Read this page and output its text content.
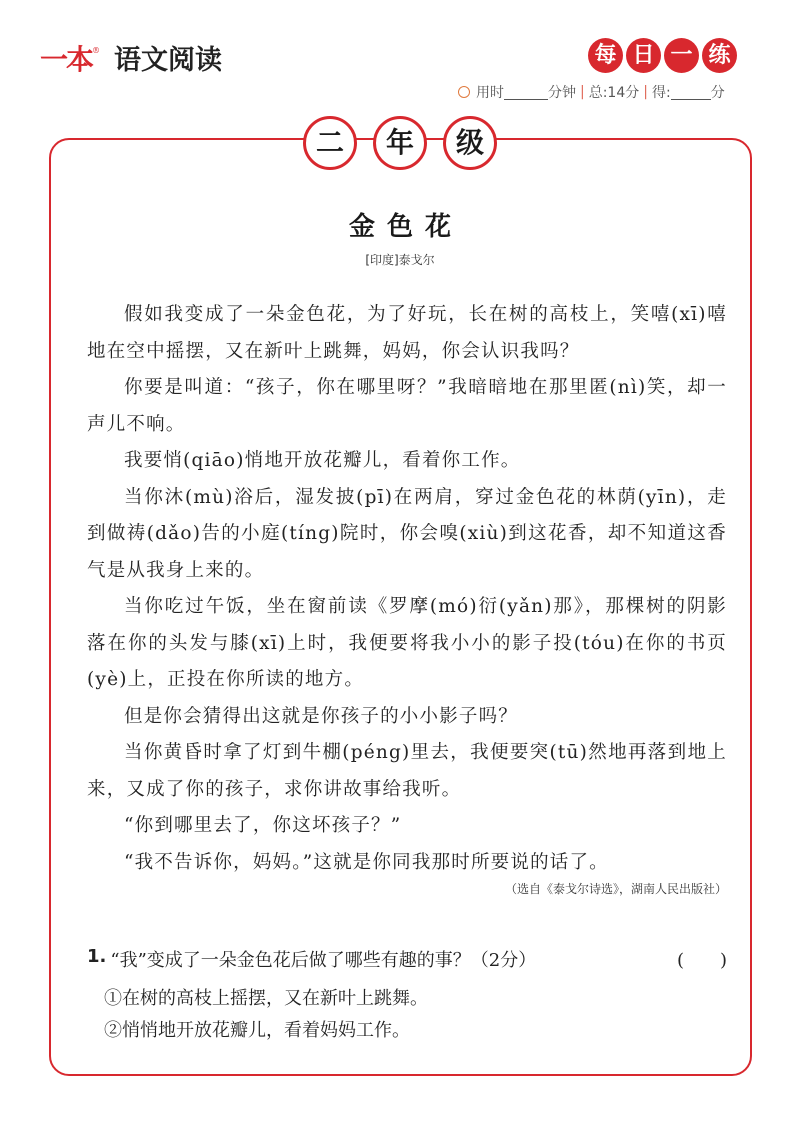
一本 ® 语文阅读	每 日 一 练
用时	分钟 | 总:14分 | 得:	分
二	年	级
金色花
[印度]泰戈尔

假如我变成了一朵金色花，为了好玩，长在树的高枝上，笑嘻(xī)嘻地在空中摇摆，又在新叶上跳舞，妈妈，你会认识我吗？

你要是叫道：“孩子，你在哪里呀？”我暗暗地在那里匿(nì)笑，却一声儿不响。

我要悄(qiāo)悄地开放花瓣儿，看着你工作。

当你沐(mù)浴后，湿发披(pī)在两肩，穿过金色花的林荫(yīn)，走到做祷(dǎo)告的小庭(tíng)院时，你会嗅(xiù)到这花香，却不知道这香气是从我身上来的。

当你吃过午饭，坐在窗前读《罗摩(mó)衍(yǎn)那》，那棵树的阴影落在你的头发与膝(xī)上时，我便要将我小小的影子投(tóu)在你的书页(yè)上，正投在你所读的地方。

但是你会猜得出这就是你孩子的小小影子吗？

当你黄昏时拿了灯到牛棚(péng)里去，我便要突(tū)然地再落到地上来，又成了你的孩子，求你讲故事给我听。

“你到哪里去了，你这坏孩子？”

“我不告诉你，妈妈。”这就是你同我那时所要说的话了。

（选自《泰戈尔诗选》，湖南人民出版社）
1. “我”变成了一朵金色花后做了哪些有趣的事？（2分）	(　　)
①在树的高枝上摇摆，又在新叶上跳舞。
②悄悄地开放花瓣儿，看着妈妈工作。
